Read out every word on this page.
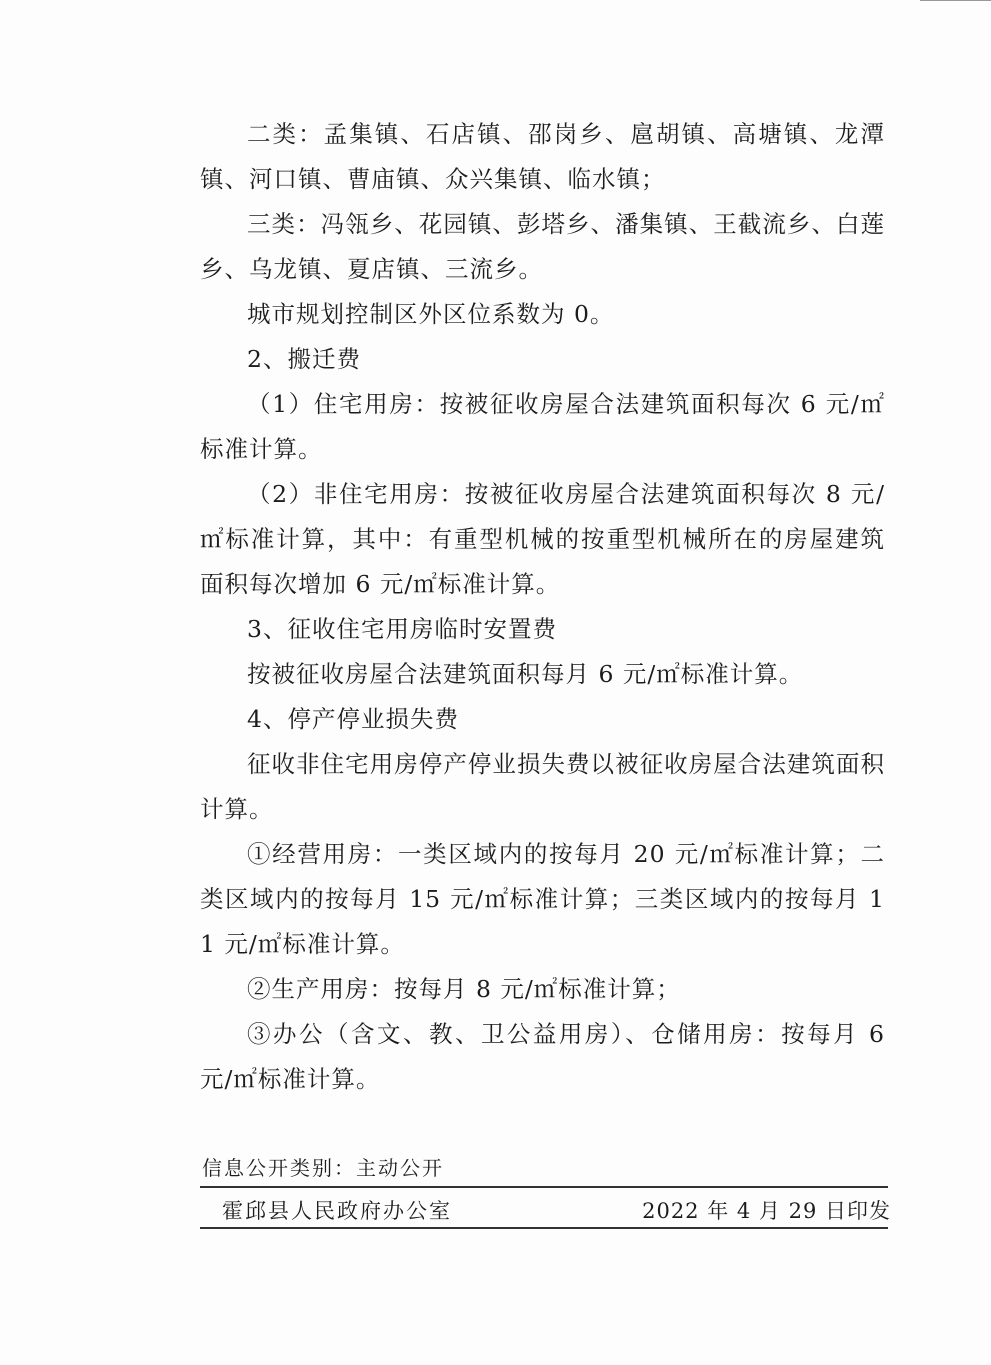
二类：孟集镇、石店镇、邵岗乡、扈胡镇、高塘镇、龙潭镇、河口镇、曹庙镇、众兴集镇、临水镇；

三类：冯瓴乡、花园镇、彭塔乡、潘集镇、王截流乡、白莲乡、乌龙镇、夏店镇、三流乡。

城市规划控制区外区位系数为 0。

2、搬迁费

（1）住宅用房：按被征收房屋合法建筑面积每次 6 元/㎡标准计算。

（2）非住宅用房：按被征收房屋合法建筑面积每次 8 元/㎡标准计算，其中：有重型机械的按重型机械所在的房屋建筑面积每次增加 6 元/㎡标准计算。

3、征收住宅用房临时安置费

按被征收房屋合法建筑面积每月 6 元/㎡标准计算。

4、停产停业损失费

征收非住宅用房停产停业损失费以被征收房屋合法建筑面积计算。

①经营用房：一类区域内的按每月 20 元/㎡标准计算；二类区域内的按每月 15 元/㎡标准计算；三类区域内的按每月 11 元/㎡标准计算。

②生产用房：按每月 8 元/㎡标准计算；

③办公（含文、教、卫公益用房）、仓储用房：按每月 6 元/㎡标准计算。

信息公开类别：主动公开
霍邱县人民政府办公室	2022 年 4 月 29 日印发
